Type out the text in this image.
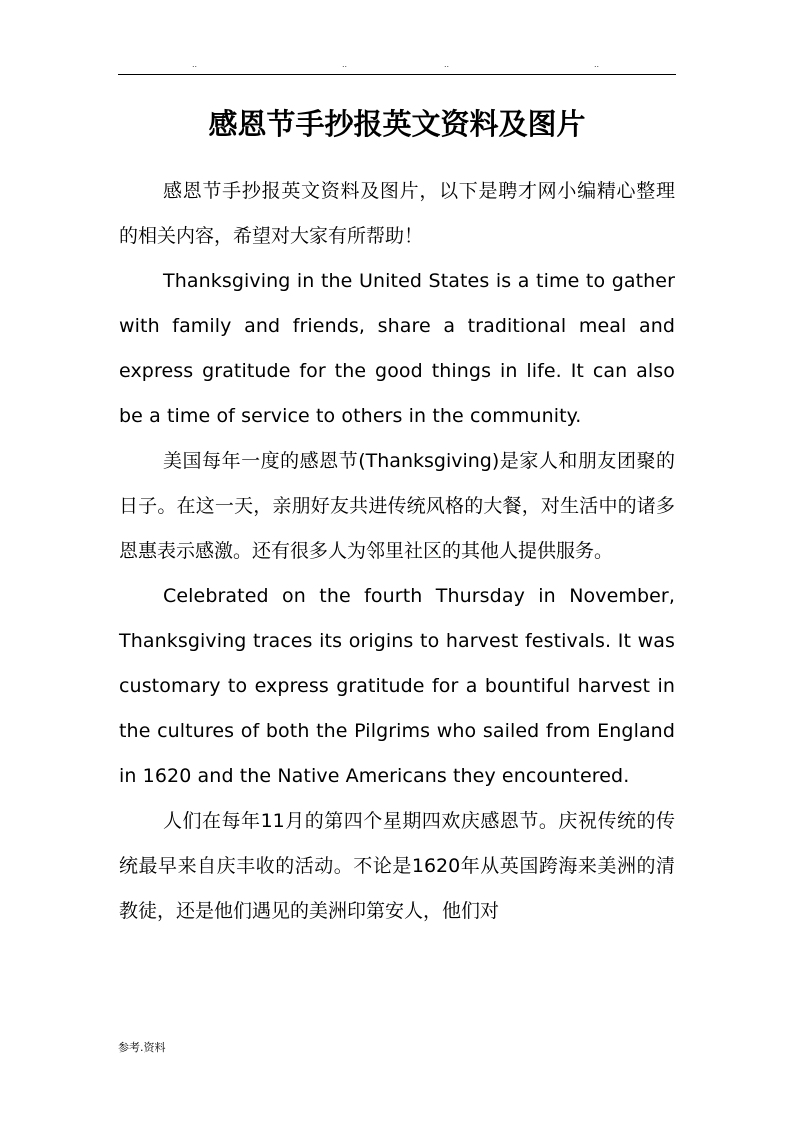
..	..	..	..
感恩节手抄报英文资料及图片

感恩节手抄报英文资料及图片，以下是聘才网小编精心整理的相关内容，希望对大家有所帮助！

Thanksgiving in the United States is a time to gather with family and friends, share a traditional meal and express gratitude for the good things in life. It can also be a time of service to others in the community.

美国每年一度的感恩节(Thanksgiving)是家人和朋友团聚的日子。在这一天，亲朋好友共进传统风格的大餐，对生活中的诸多恩惠表示感激。还有很多人为邻里社区的其他人提供服务。

Celebrated on the fourth Thursday in November, Thanksgiving traces its origins to harvest festivals. It was customary to express gratitude for a bountiful harvest in the cultures of both the Pilgrims who sailed from England in 1620 and the Native Americans they encountered.

人们在每年11月的第四个星期四欢庆感恩节。庆祝传统的传统最早来自庆丰收的活动。不论是1620年从英国跨海来美洲的清教徒，还是他们遇见的美洲印第安人，他们对

参考.资料
